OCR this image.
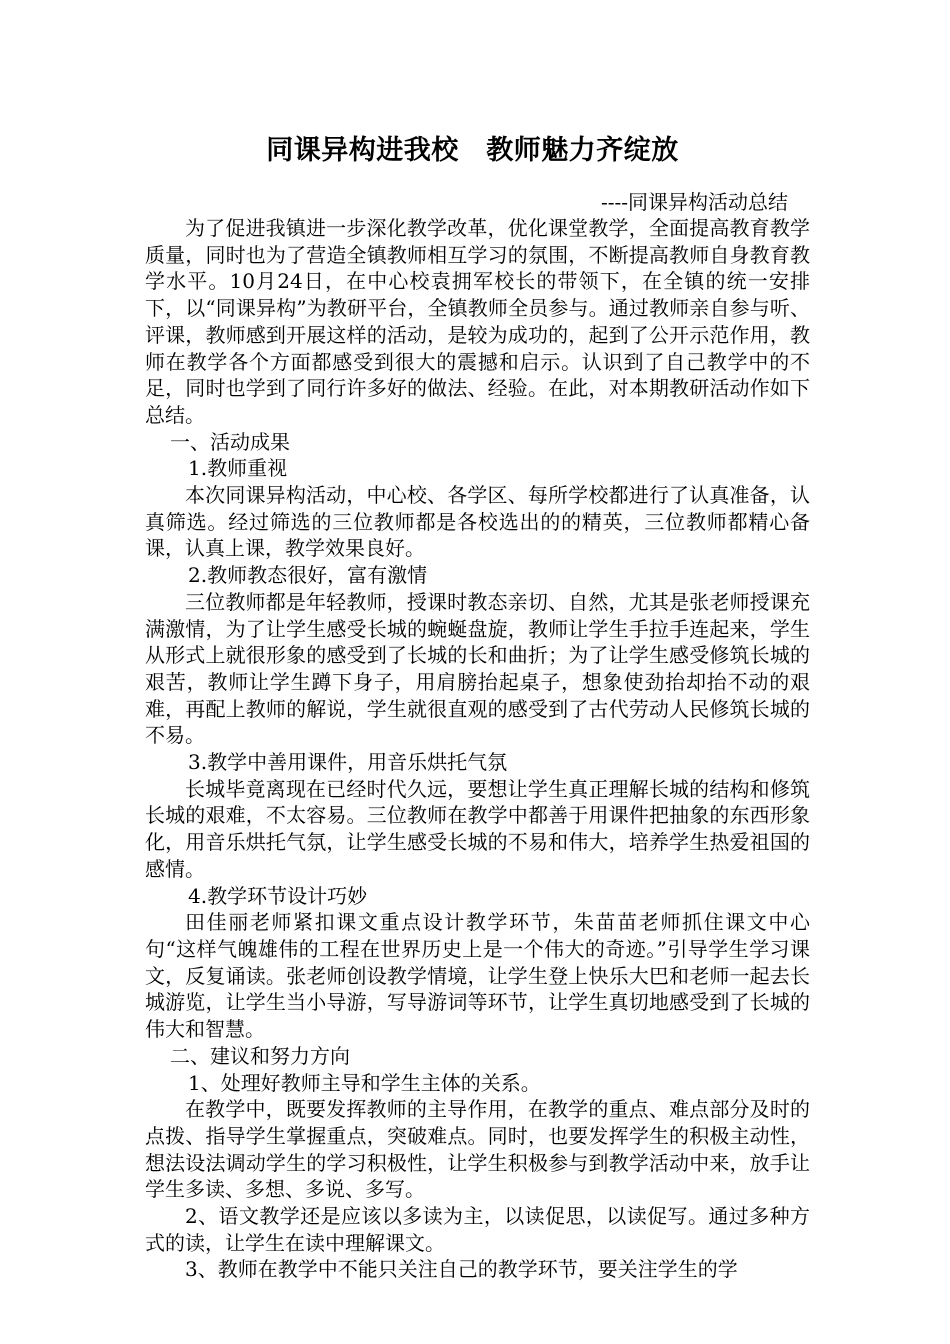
同课异构进我校　教师魅力齐绽放

----同课异构活动总结

为了促进我镇进一步深化教学改革，优化课堂教学，全面提高教育教学质量，同时也为了营造全镇教师相互学习的氛围，不断提高教师自身教育教学水平。10月24日，在中心校袁拥军校长的带领下，在全镇的统一安排下，以“同课异构”为教研平台，全镇教师全员参与。通过教师亲自参与听、评课，教师感到开展这样的活动，是较为成功的，起到了公开示范作用，教师在教学各个方面都感受到很大的震撼和启示。认识到了自己教学中的不足，同时也学到了同行许多好的做法、经验。在此，对本期教研活动作如下总结。

一、活动成果

1.教师重视

本次同课异构活动，中心校、各学区、每所学校都进行了认真准备，认真筛选。经过筛选的三位教师都是各校选出的的精英，三位教师都精心备课，认真上课，教学效果良好。

2.教师教态很好，富有激情

三位教师都是年轻教师，授课时教态亲切、自然，尤其是张老师授课充满激情，为了让学生感受长城的蜿蜒盘旋，教师让学生手拉手连起来，学生从形式上就很形象的感受到了长城的长和曲折；为了让学生感受修筑长城的艰苦，教师让学生蹲下身子，用肩膀抬起桌子，想象使劲抬却抬不动的艰难，再配上教师的解说，学生就很直观的感受到了古代劳动人民修筑长城的不易。

3.教学中善用课件，用音乐烘托气氛

长城毕竟离现在已经时代久远，要想让学生真正理解长城的结构和修筑长城的艰难，不太容易。三位教师在教学中都善于用课件把抽象的东西形象化，用音乐烘托气氛，让学生感受长城的不易和伟大，培养学生热爱祖国的感情。

4.教学环节设计巧妙

田佳丽老师紧扣课文重点设计教学环节，朱苗苗老师抓住课文中心句“这样气魄雄伟的工程在世界历史上是一个伟大的奇迹。”引导学生学习课文，反复诵读。张老师创设教学情境，让学生登上快乐大巴和老师一起去长城游览，让学生当小导游，写导游词等环节，让学生真切地感受到了长城的伟大和智慧。

二、建议和努力方向

1、处理好教师主导和学生主体的关系。

在教学中，既要发挥教师的主导作用，在教学的重点、难点部分及时的点拨、指导学生掌握重点，突破难点。同时，也要发挥学生的积极主动性，想法设法调动学生的学习积极性，让学生积极参与到教学活动中来，放手让学生多读、多想、多说、多写。

2、语文教学还是应该以多读为主，以读促思，以读促写。通过多种方式的读，让学生在读中理解课文。

3、教师在教学中不能只关注自己的教学环节，要关注学生的学
